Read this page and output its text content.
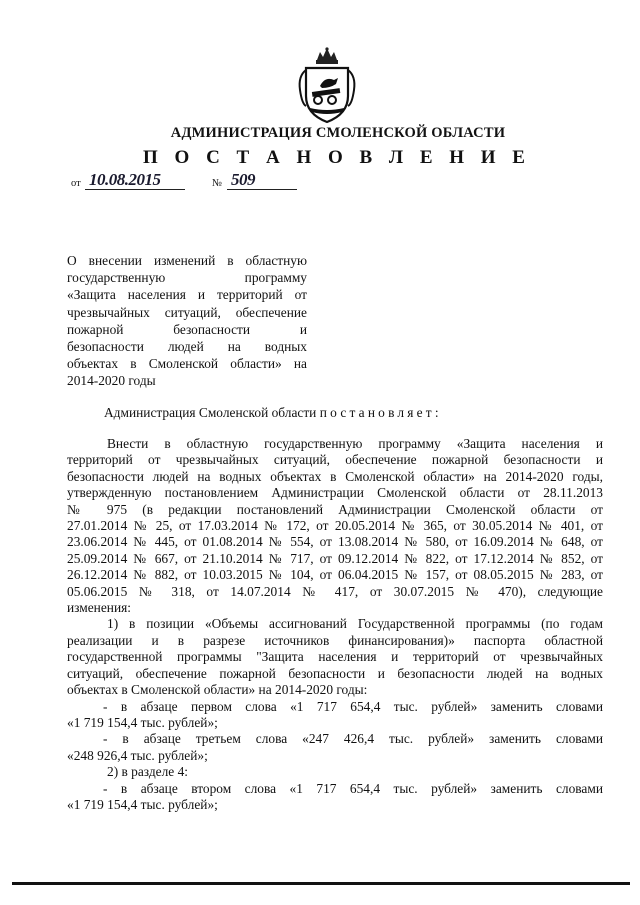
АДМИНИСТРАЦИЯ СМОЛЕНСКОЙ ОБЛАСТИ
П О С Т А Н О В Л Е Н И Е
от 10.08.2015	№ 509
О внесении изменений в областную
государственную программу
«Защита населения и территорий от
чрезвычайных ситуаций, обеспечение
пожарной безопасности и
безопасности людей на водных
объектах в Смоленской области» на
2014-2020 годы
Администрация Смоленской области постановляет:

Внести в областную государственную программу «Защита населения и

территорий от чрезвычайных ситуаций, обеспечение пожарной безопасности и

безопасности людей на водных объектах в Смоленской области» на 2014-2020 годы,

утвержденную постановлением Администрации Смоленской области от 28.11.2013

№ 975 (в редакции постановлений Администрации Смоленской области от

27.01.2014 № 25, от 17.03.2014 № 172, от 20.05.2014 № 365, от 30.05.2014 № 401, от

23.06.2014 № 445, от 01.08.2014 № 554, от 13.08.2014 № 580, от 16.09.2014 № 648, от

25.09.2014 № 667, от 21.10.2014 № 717, от 09.12.2014 № 822, от 17.12.2014 № 852, от

26.12.2014 № 882, от 10.03.2015 № 104, от 06.04.2015 № 157, от 08.05.2015 № 283, от

05.06.2015 № 318, от 14.07.2014 № 417, от 30.07.2015 № 470), следующие

изменения:

1) в позиции «Объемы ассигнований Государственной программы (по годам

реализации и в разрезе источников финансирования)» паспорта областной

государственной программы "Защита населения и территорий от чрезвычайных

ситуаций, обеспечение пожарной безопасности и безопасности людей на водных

объектах в Смоленской области» на 2014-2020 годы:

- в абзаце первом слова «1 717 654,4 тыс. рублей» заменить словами

«1 719 154,4 тыс. рублей»;

- в абзаце третьем слова «247 426,4 тыс. рублей» заменить словами

«248 926,4 тыс. рублей»;

2) в разделе 4:

- в абзаце втором слова «1 717 654,4 тыс. рублей» заменить словами

«1 719 154,4 тыс. рублей»;
